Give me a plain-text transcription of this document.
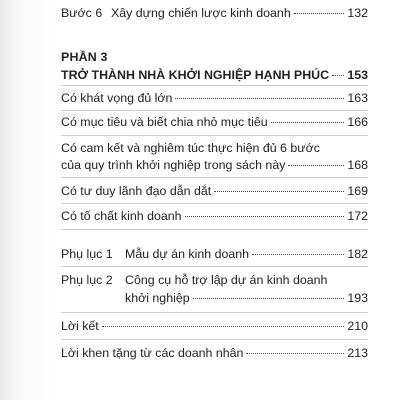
Bước 6 Xây dựng chiến lược kinh doanh	132
PHẦN 3
TRỞ THÀNH NHÀ KHỞI NGHIỆP HẠNH PHÚC 153
Có khát vọng đủ lớn	163
Có mục tiêu và biết chia nhỏ mục tiêu	166
Có cam kết và nghiêm túc thực hiện đủ 6 bước
của quy trình khởi nghiệp trong sách này	168
Có tư duy lãnh đạo dẫn dắt	169
Có tố chất kinh doanh	172
Phụ lục 1 Mẫu dự án kinh doanh	182
Phụ lục 2 Công cụ hỗ trợ lập dự án kinh doanh
khởi nghiệp	193
Lời kết	210
Lời khen tặng từ các doanh nhân	213
